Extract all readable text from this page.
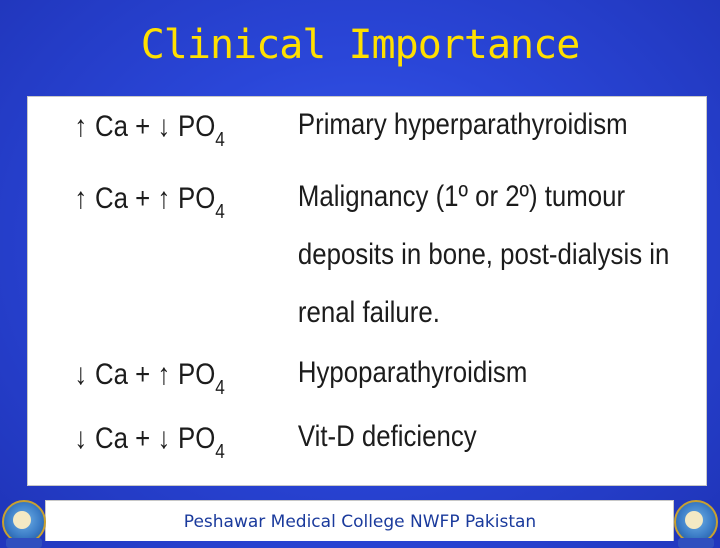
Clinical Importance
↑ Ca + ↓ $PO_4$ Primary hyperparathyroidism
↑ Ca + ↑ $PO_4$ Malignancy (1º or 2º) tumour
deposits in bone, post-dialysis in
renal failure.
↓ Ca + ↑ $PO_4$ Hypoparathyroidism
↓ Ca + ↓ $PO_4$ Vit-D deficiency
Peshawar Medical College NWFP Pakistan
